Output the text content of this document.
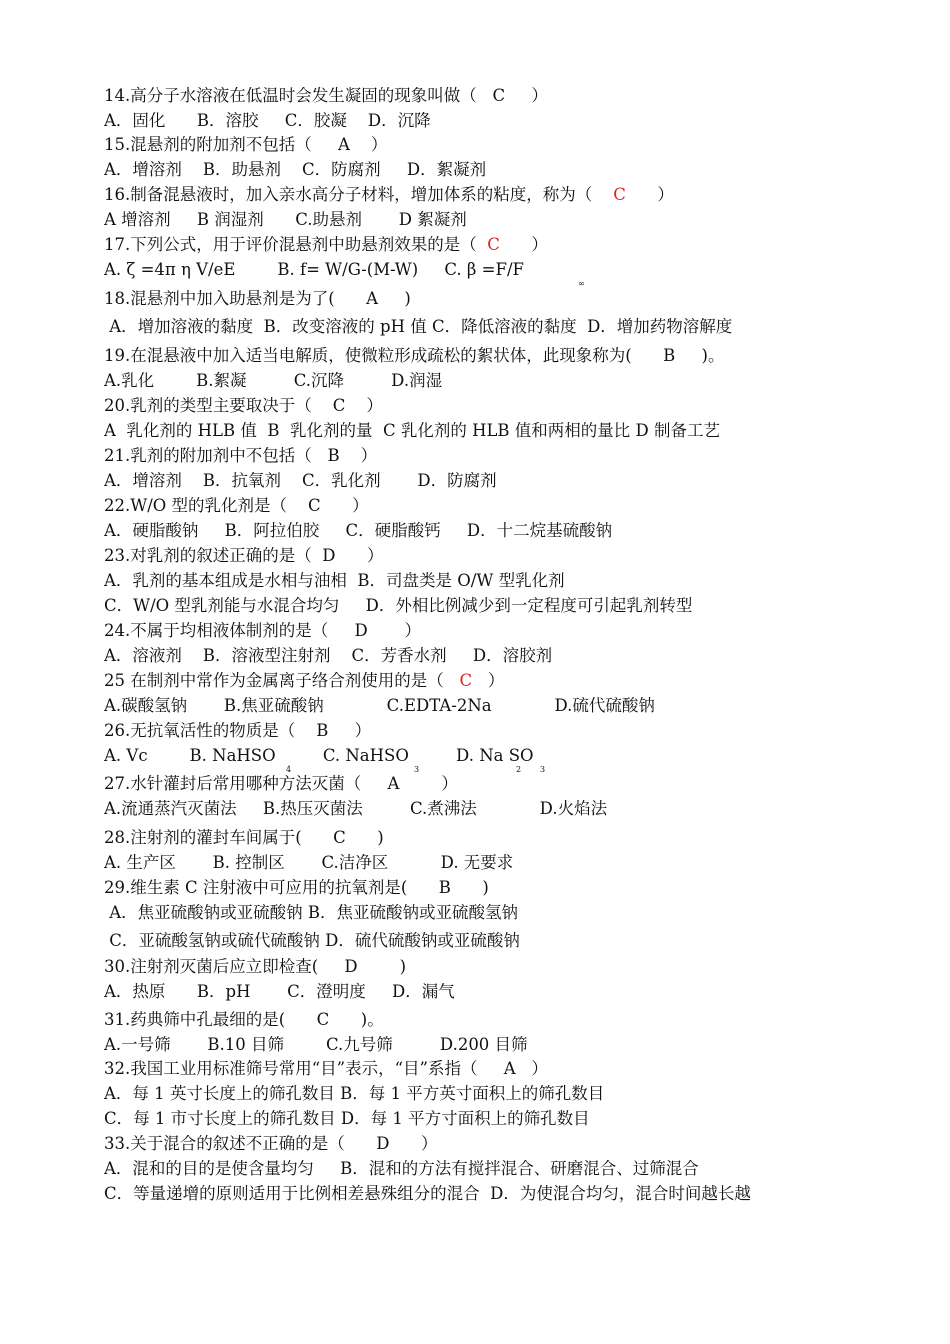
14.高分子水溶液在低温时会发生凝固的现象叫做（ C ）
A．固化      B．溶胶     C．胶凝    D．沉降
15.混悬剂的附加剂不包括（ A ）
A．增溶剂    B．助悬剂    C．防腐剂     D．絮凝剂
16.制备混悬液时，加入亲水高分子材料，增加体系的粘度，称为（ C ）
A 增溶剂     B 润湿剂      C.助悬剂       D 絮凝剂
17.下列公式，用于评价混悬剂中助悬剂效果的是（ C ）
A. ζ =4π η V/eE        B. f= W/G-(M-W)     C. β =F/F
∞
18.混悬剂中加入助悬剂是为了( A )
A．增加溶液的黏度  B．改变溶液的 pH 值 C．降低溶液的黏度  D．增加药物溶解度
19.在混悬液中加入适当电解质，使微粒形成疏松的絮状体，此现象称为( B )。
A.乳化        B.絮凝         C.沉降         D.润湿
20.乳剂的类型主要取决于（ C ）
A  乳化剂的 HLB 值  B  乳化剂的量  C 乳化剂的 HLB 值和两相的量比 D 制备工艺
21.乳剂的附加剂中不包括（ B ）
A．增溶剂    B．抗氧剂    C．乳化剂       D．防腐剂
22.W/O 型的乳化剂是（ C ）
A．硬脂酸钠     B．阿拉伯胶     C．硬脂酸钙     D．十二烷基硫酸钠
23.对乳剂的叙述正确的是（ D ）
A．乳剂的基本组成是水相与油相  B．司盘类是 O/W 型乳化剂
C．W/O 型乳剂能与水混合均匀     D．外相比例减少到一定程度可引起乳剂转型
24.不属于均相液体制剂的是（ D ）
A．溶液剂    B．溶液型注射剂    C．芳香水剂     D．溶胶剂
25 在制剂中常作为金属离子络合剂使用的是（ C ）
A.碳酸氢钠       B.焦亚硫酸钠            C.EDTA-2Na            D.硫代硫酸钠
26.无抗氧活性的物质是（ B ）
A. Vc        B. NaHSO         C. NaHSO         D. Na SO
4	3	2 3
27.水针灌封后常用哪种方法灭菌（ A	）
A.流通蒸汽灭菌法     B.热压灭菌法         C.煮沸法            D.火焰法
28.注射剂的灌封车间属于( C )
A. 生产区       B. 控制区       C.洁净区          D. 无要求
29.维生素 C 注射液中可应用的抗氧剂是( B )
A．焦亚硫酸钠或亚硫酸钠 B．焦亚硫酸钠或亚硫酸氢钠
C．亚硫酸氢钠或硫代硫酸钠 D．硫代硫酸钠或亚硫酸钠
30.注射剂灭菌后应立即检查( D	)
A．热原      B．pH       C．澄明度     D．漏气
31.药典筛中孔最细的是( C )。
A.一号筛       B.10 目筛        C.九号筛         D.200 目筛
32.我国工业用标准筛号常用“目”表示，“目”系指（ A ）
A．每 1 英寸长度上的筛孔数目 B．每 1 平方英寸面积上的筛孔数目
C．每 1 市寸长度上的筛孔数目 D．每 1 平方寸面积上的筛孔数目
33.关于混合的叙述不正确的是（ D ）
A．混和的目的是使含量均匀     B．混和的方法有搅拌混合、研磨混合、过筛混合
C．等量递增的原则适用于比例相差悬殊组分的混合  D．为使混合均匀，混合时间越长越
